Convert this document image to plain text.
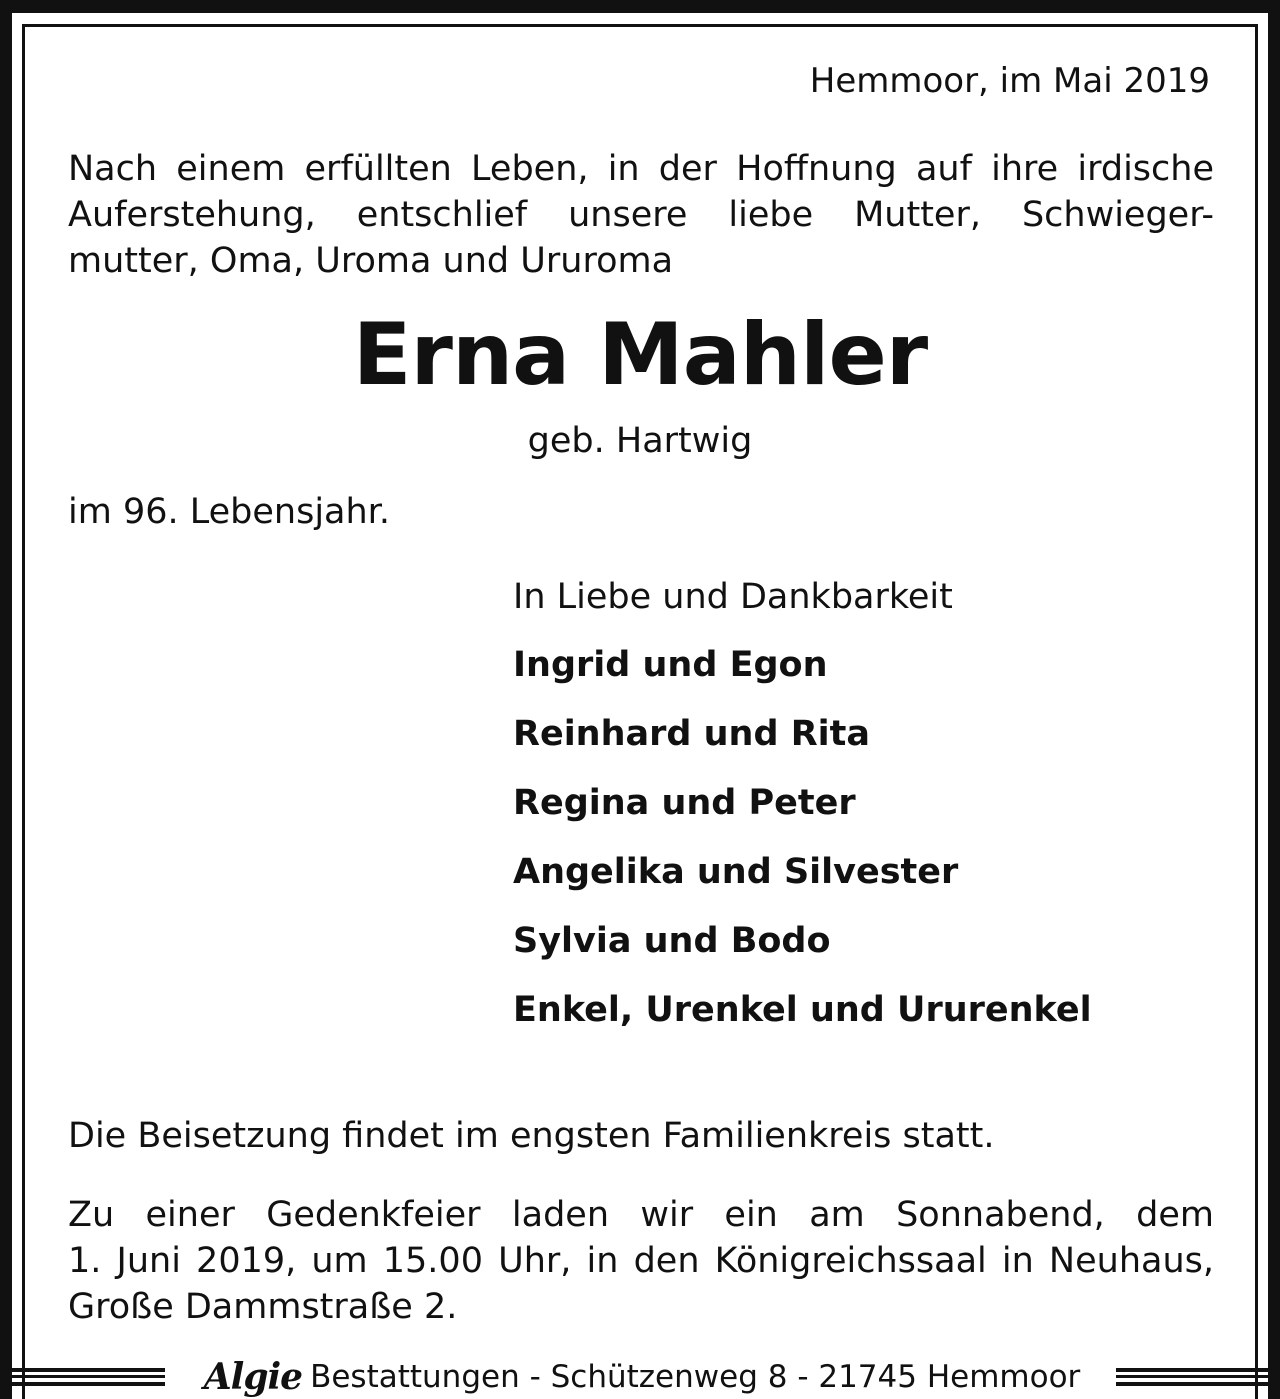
Hemmoor, im Mai 2019
Nach einem erfüllten Leben, in der Hoffnung auf ihre irdische
Auferstehung, entschlief unsere liebe Mutter, Schwieger-
mutter, Oma, Uroma und Ururoma
Erna Mahler
geb. Hartwig
im 96. Lebensjahr.
In Liebe und Dankbarkeit
Ingrid und Egon
Reinhard und Rita
Regina und Peter
Angelika und Silvester
Sylvia und Bodo
Enkel, Urenkel und Ururenkel
Die Beisetzung findet im engsten Familienkreis statt.
Zu einer Gedenkfeier laden wir ein am Sonnabend, dem
1. Juni 2019, um 15.00 Uhr, in den Königreichssaal in Neuhaus,
Große Dammstraße 2.
Algie Bestattungen - Schützenweg 8 - 21745 Hemmoor
